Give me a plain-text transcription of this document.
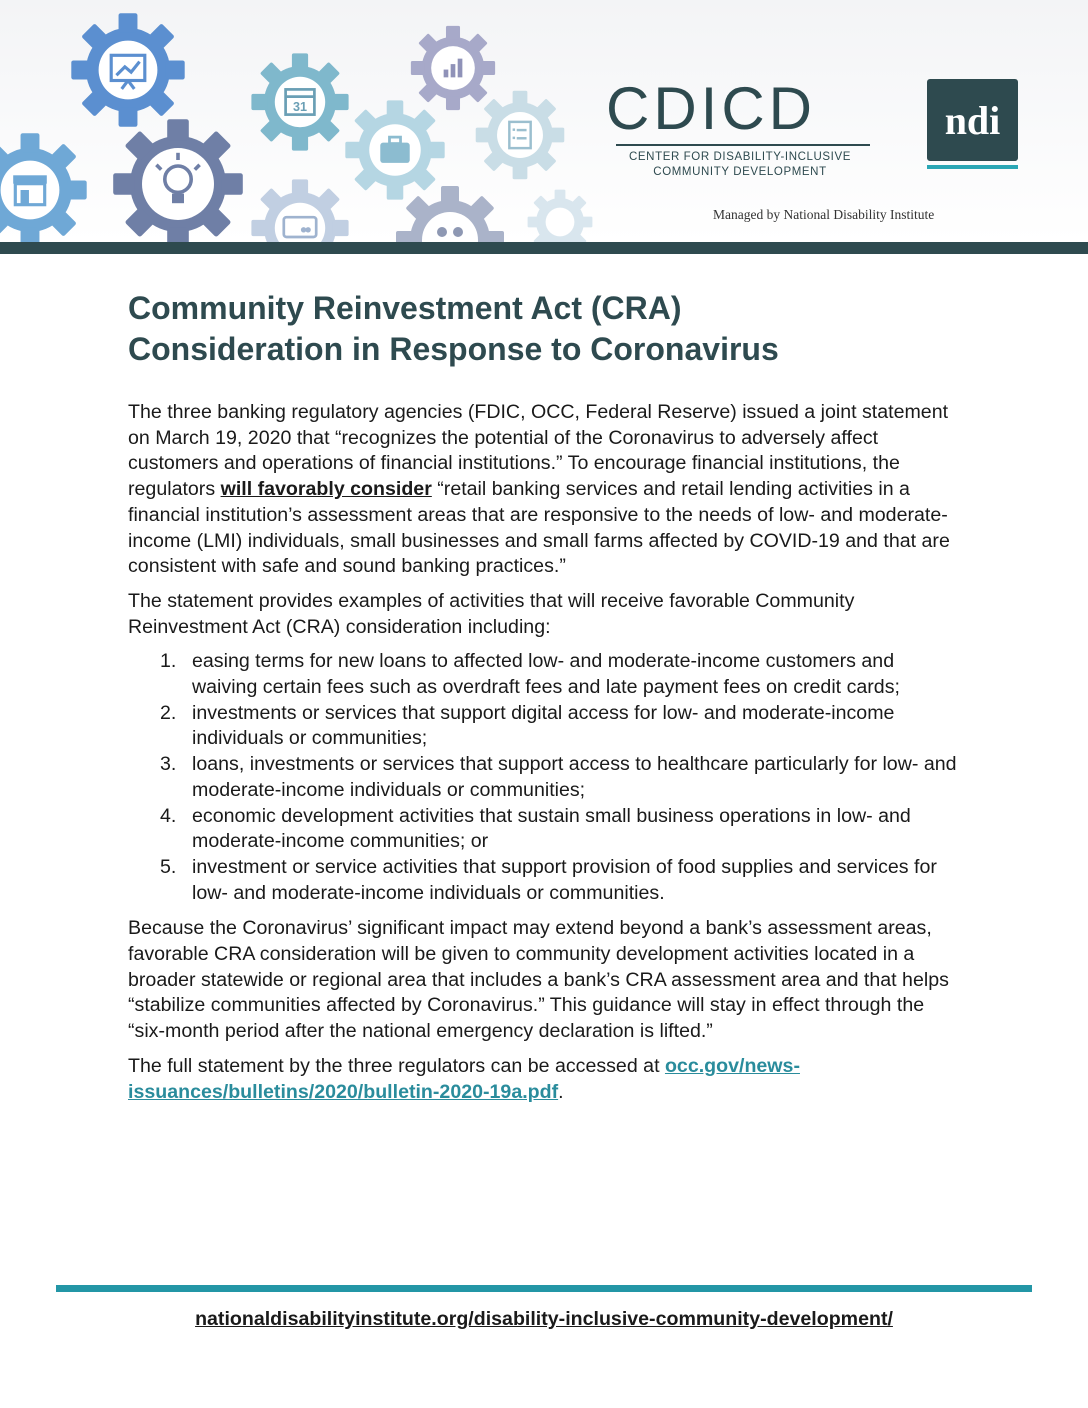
31	CDICD
CENTER FOR DISABILITY-INCLUSIVE
COMMUNITY DEVELOPMENT
ndi
Managed by National Disability Institute
Community Reinvestment Act (CRA)
Consideration in Response to Coronavirus

The three banking regulatory agencies (FDIC, OCC, Federal Reserve) issued a joint statement on March 19, 2020 that “recognizes the potential of the Coronavirus to adversely affect customers and operations of financial institutions.” To encourage financial institutions, the regulators will favorably consider “retail banking services and retail lending activities in a financial institution’s assessment areas that are responsive to the needs of low- and moderate-income (LMI) individuals, small businesses and small farms affected by COVID-19 and that are consistent with safe and sound banking practices.”

The statement provides examples of activities that will receive favorable Community Reinvestment Act (CRA) consideration including:

1. easing terms for new loans to affected low- and moderate-income customers and waiving certain fees such as overdraft fees and late payment fees on credit cards;
2. investments or services that support digital access for low- and moderate-income individuals or communities;
3. loans, investments or services that support access to healthcare particularly for low- and moderate-income individuals or communities;
4. economic development activities that sustain small business operations in low- and moderate-income communities; or
5. investment or service activities that support provision of food supplies and services for low- and moderate-income individuals or communities.

Because the Coronavirus’ significant impact may extend beyond a bank’s assessment areas, favorable CRA consideration will be given to community development activities located in a broader statewide or regional area that includes a bank’s CRA assessment area and that helps “stabilize communities affected by Coronavirus.” This guidance will stay in effect through the “six-month period after the national emergency declaration is lifted.”

The full statement by the three regulators can be accessed at occ.gov/news-issuances/bulletins/2020/bulletin-2020-19a.pdf.

nationaldisabilityinstitute.org/disability-inclusive-community-development/
